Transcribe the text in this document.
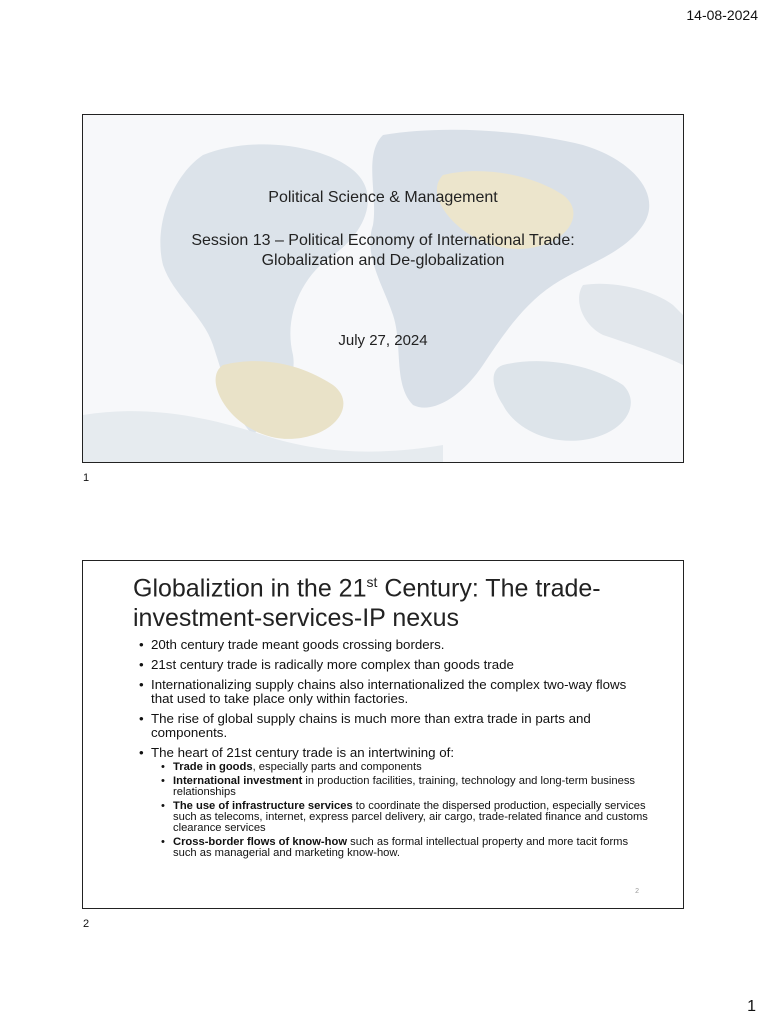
14-08-2024
Political Science & Management
Session 13 – Political Economy of International Trade:
Globalization and De-globalization
July 27, 2024
1
Globaliztion in the 21st Century: The trade-investment-services-IP nexus
• 20th century trade meant goods crossing borders.
• 21st century trade is radically more complex than goods trade
• Internationalizing supply chains also internationalized the complex two-way flows that used to take place only within factories.
• The rise of global supply chains is much more than extra trade in parts and components.
• The heart of 21st century trade is an intertwining of:
• Trade in goods, especially parts and components
• International investment in production facilities, training, technology and long-term business relationships
• The use of infrastructure services to coordinate the dispersed production, especially services such as telecoms, internet, express parcel delivery, air cargo, trade-related finance and customs clearance services
• Cross-border flows of know-how such as formal intellectual property and more tacit forms such as managerial and marketing know-how.
2
2
1
